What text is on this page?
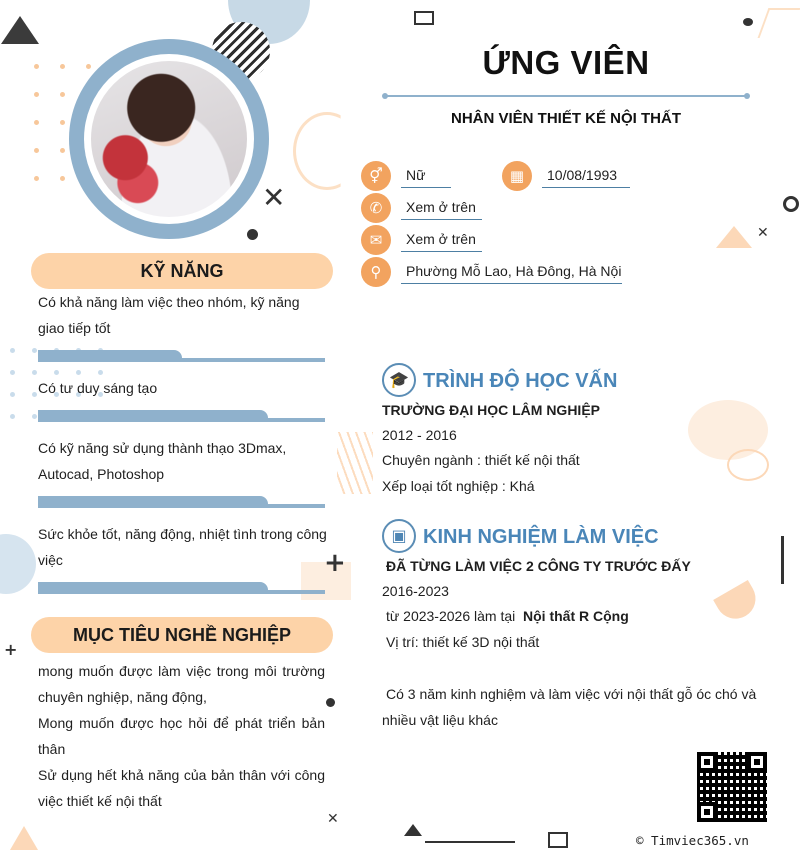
✕
✕
+
+
✕
KỸ NĂNG
Có khả năng làm việc theo nhóm, kỹ năng giao tiếp tốt
Có tư duy sáng tạo
Có kỹ năng sử dụng thành thạo 3Dmax, Autocad, Photoshop
Sức khỏe tốt, năng động, nhiệt tình trong công việc
MỤC TIÊU NGHỀ NGHIỆP
mong muốn được làm việc trong môi trường chuyên nghiệp, năng động,
Mong muốn được học hỏi để phát triển bản thân
Sử dụng hết khả năng của bản thân với công việc thiết kế nội thất
ỨNG VIÊN
NHÂN VIÊN THIẾT KẾ NỘI THẤT
⚥	Nữ	▦	10/08/1993
✆	Xem ở trên
✉	Xem ở trên
⚲	Phường Mỗ Lao, Hà Đông, Hà Nội
🎓 TRÌNH ĐỘ HỌC VẤN
TRƯỜNG ĐẠI HỌC LÂM NGHIỆP
2012 - 2016
Chuyên ngành : thiết kế nội thất
Xếp loại tốt nghiệp : Khá
▣ KINH NGHIỆM LÀM VIỆC
ĐÃ TỪNG LÀM VIỆC 2 CÔNG TY TRƯỚC ĐẤY
2016-2023
từ 2023-2026 làm tại Nội thất R Cộng
Vị trí: thiết kế 3D nội thất
Có 3 năm kinh nghiệm và làm việc với nội thất gỗ óc chó và nhiều vật liệu khác
© Timviec365.vn
